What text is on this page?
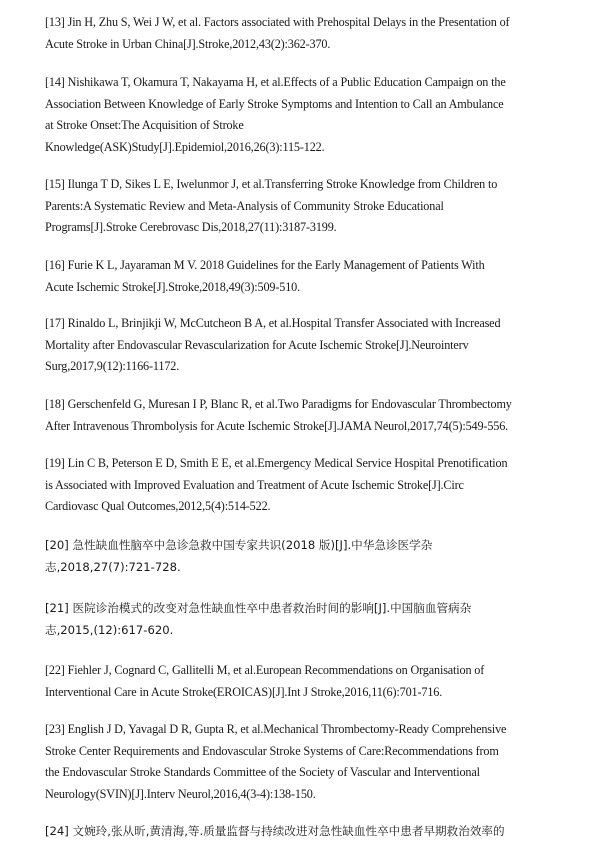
[13] Jin H, Zhu S, Wei J W, et al. Factors associated with Prehospital Delays in the Presentation of
Acute Stroke in Urban China[J].Stroke,2012,43(2):362-370.
[14] Nishikawa T, Okamura T, Nakayama H, et al.Effects of a Public Education Campaign on the
Association Between Knowledge of Early Stroke Symptoms and Intention to Call an Ambulance
at Stroke Onset:The Acquisition of Stroke
Knowledge(ASK)Study[J].Epidemiol,2016,26(3):115-122.
[15] Ilunga T D, Sikes L E, Iwelunmor J, et al.Transferring Stroke Knowledge from Children to
Parents:A Systematic Review and Meta-Analysis of Community Stroke Educational
Programs[J].Stroke Cerebrovasc Dis,2018,27(11):3187-3199.
[16] Furie K L, Jayaraman M V. 2018 Guidelines for the Early Management of Patients With
Acute Ischemic Stroke[J].Stroke,2018,49(3):509-510.
[17] Rinaldo L, Brinjikji W, McCutcheon B A, et al.Hospital Transfer Associated with Increased
Mortality after Endovascular Revascularization for Acute Ischemic Stroke[J].Neurointerv
Surg,2017,9(12):1166-1172.
[18] Gerschenfeld G, Muresan I P, Blanc R, et al.Two Paradigms for Endovascular Thrombectomy
After Intravenous Thrombolysis for Acute Ischemic Stroke[J].JAMA Neurol,2017,74(5):549-556.
[19] Lin C B, Peterson E D, Smith E E, et al.Emergency Medical Service Hospital Prenotification
is Associated with Improved Evaluation and Treatment of Acute Ischemic Stroke[J].Circ
Cardiovasc Qual Outcomes,2012,5(4):514-522.
[20] 急性缺血性脑卒中急诊急救中国专家共识(2018 版)[J].中华急诊医学杂
志,2018,27(7):721-728.
[21] 医院诊治模式的改变对急性缺血性卒中患者救治时间的影响[J].中国脑血管病杂
志,2015,(12):617-620.
[22] Fiehler J, Cognard C, Gallitelli M, et al.European Recommendations on Organisation of
Interventional Care in Acute Stroke(EROICAS)[J].Int J Stroke,2016,11(6):701-716.
[23] English J D, Yavagal D R, Gupta R, et al.Mechanical Thrombectomy-Ready Comprehensive
Stroke Center Requirements and Endovascular Stroke Systems of Care:Recommendations from
the Endovascular Stroke Standards Committee of the Society of Vascular and Interventional
Neurology(SVIN)[J].Interv Neurol,2016,4(3-4):138-150.
[24] 文婉玲,张从昕,黄清海,等.质量监督与持续改进对急性缺血性卒中患者早期救治效率的
